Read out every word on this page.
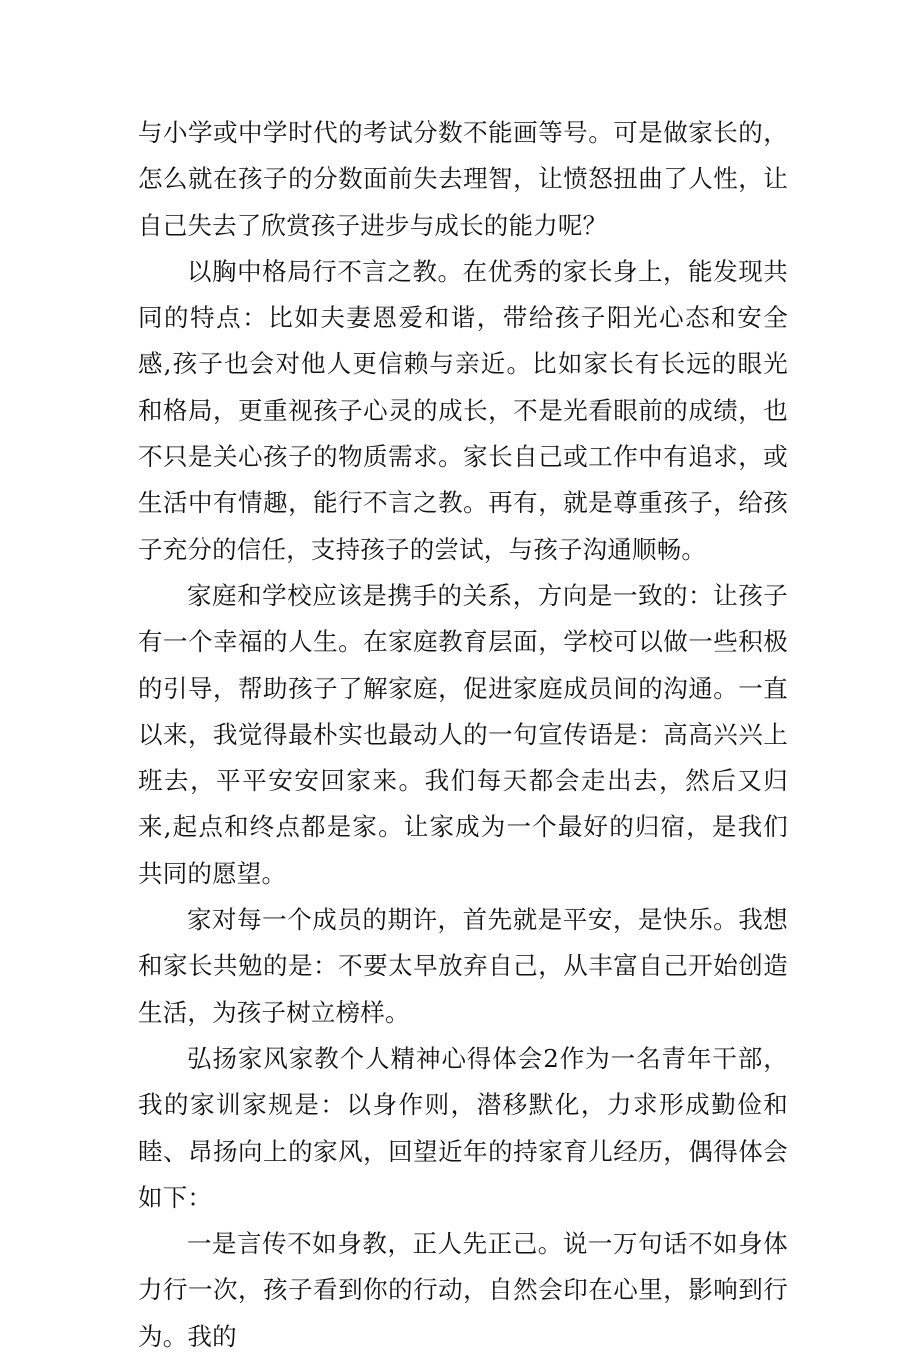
与小学或中学时代的考试分数不能画等号。可是做家长的，怎么就在孩子的分数面前失去理智，让愤怒扭曲了人性，让自己失去了欣赏孩子进步与成长的能力呢？

以胸中格局行不言之教。在优秀的家长身上，能发现共同的特点：比如夫妻恩爱和谐，带给孩子阳光心态和安全感,孩子也会对他人更信赖与亲近。比如家长有长远的眼光和格局，更重视孩子心灵的成长，不是光看眼前的成绩，也不只是关心孩子的物质需求。家长自己或工作中有追求，或生活中有情趣，能行不言之教。再有，就是尊重孩子，给孩子充分的信任，支持孩子的尝试，与孩子沟通顺畅。

家庭和学校应该是携手的关系，方向是一致的：让孩子有一个幸福的人生。在家庭教育层面，学校可以做一些积极的引导，帮助孩子了解家庭，促进家庭成员间的沟通。一直以来，我觉得最朴实也最动人的一句宣传语是：高高兴兴上班去，平平安安回家来。我们每天都会走出去，然后又归来,起点和终点都是家。让家成为一个最好的归宿，是我们共同的愿望。

家对每一个成员的期许，首先就是平安，是快乐。我想和家长共勉的是：不要太早放弃自己，从丰富自己开始创造生活，为孩子树立榜样。

弘扬家风家教个人精神心得体会2作为一名青年干部，我的家训家规是：以身作则，潜移默化，力求形成勤俭和睦、昂扬向上的家风，回望近年的持家育儿经历，偶得体会如下：

一是言传不如身教，正人先正己。说一万句话不如身体力行一次，孩子看到你的行动，自然会印在心里，影响到行为。我的
